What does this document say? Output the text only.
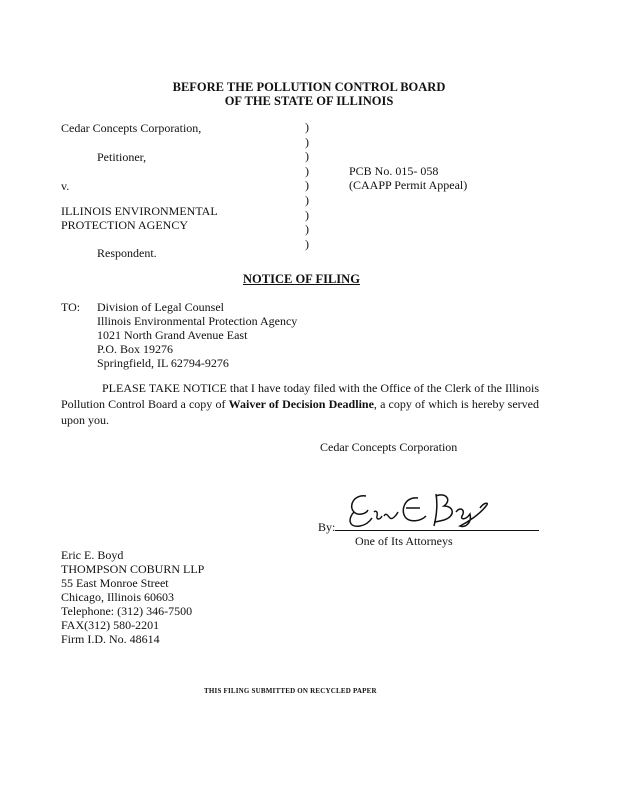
BEFORE THE POLLUTION CONTROL BOARD
OF THE STATE OF ILLINOIS
Cedar Concepts Corporation,
Petitioner,
v.
ILLINOIS ENVIRONMENTAL
PROTECTION AGENCY
Respondent.
)
)
)
)
)
)
)
)
)
PCB No. 015- 058
(CAAPP Permit Appeal)
NOTICE OF FILING
TO: Division of Legal Counsel
Illinois Environmental Protection Agency
1021 North Grand Avenue East
P.O. Box 19276
Springfield, IL 62794-9276
PLEASE TAKE NOTICE that I have today filed with the Office of the Clerk of the Illinois Pollution Control Board a copy of Waiver of Decision Deadline, a copy of which is hereby served upon you.
Cedar Concepts Corporation
By:
One of Its Attorneys
Eric E. Boyd
THOMPSON COBURN LLP
55 East Monroe Street
Chicago, Illinois 60603
Telephone: (312) 346-7500
FAX(312) 580-2201
Firm I.D. No. 48614
THIS FILING SUBMITTED ON RECYCLED PAPER
